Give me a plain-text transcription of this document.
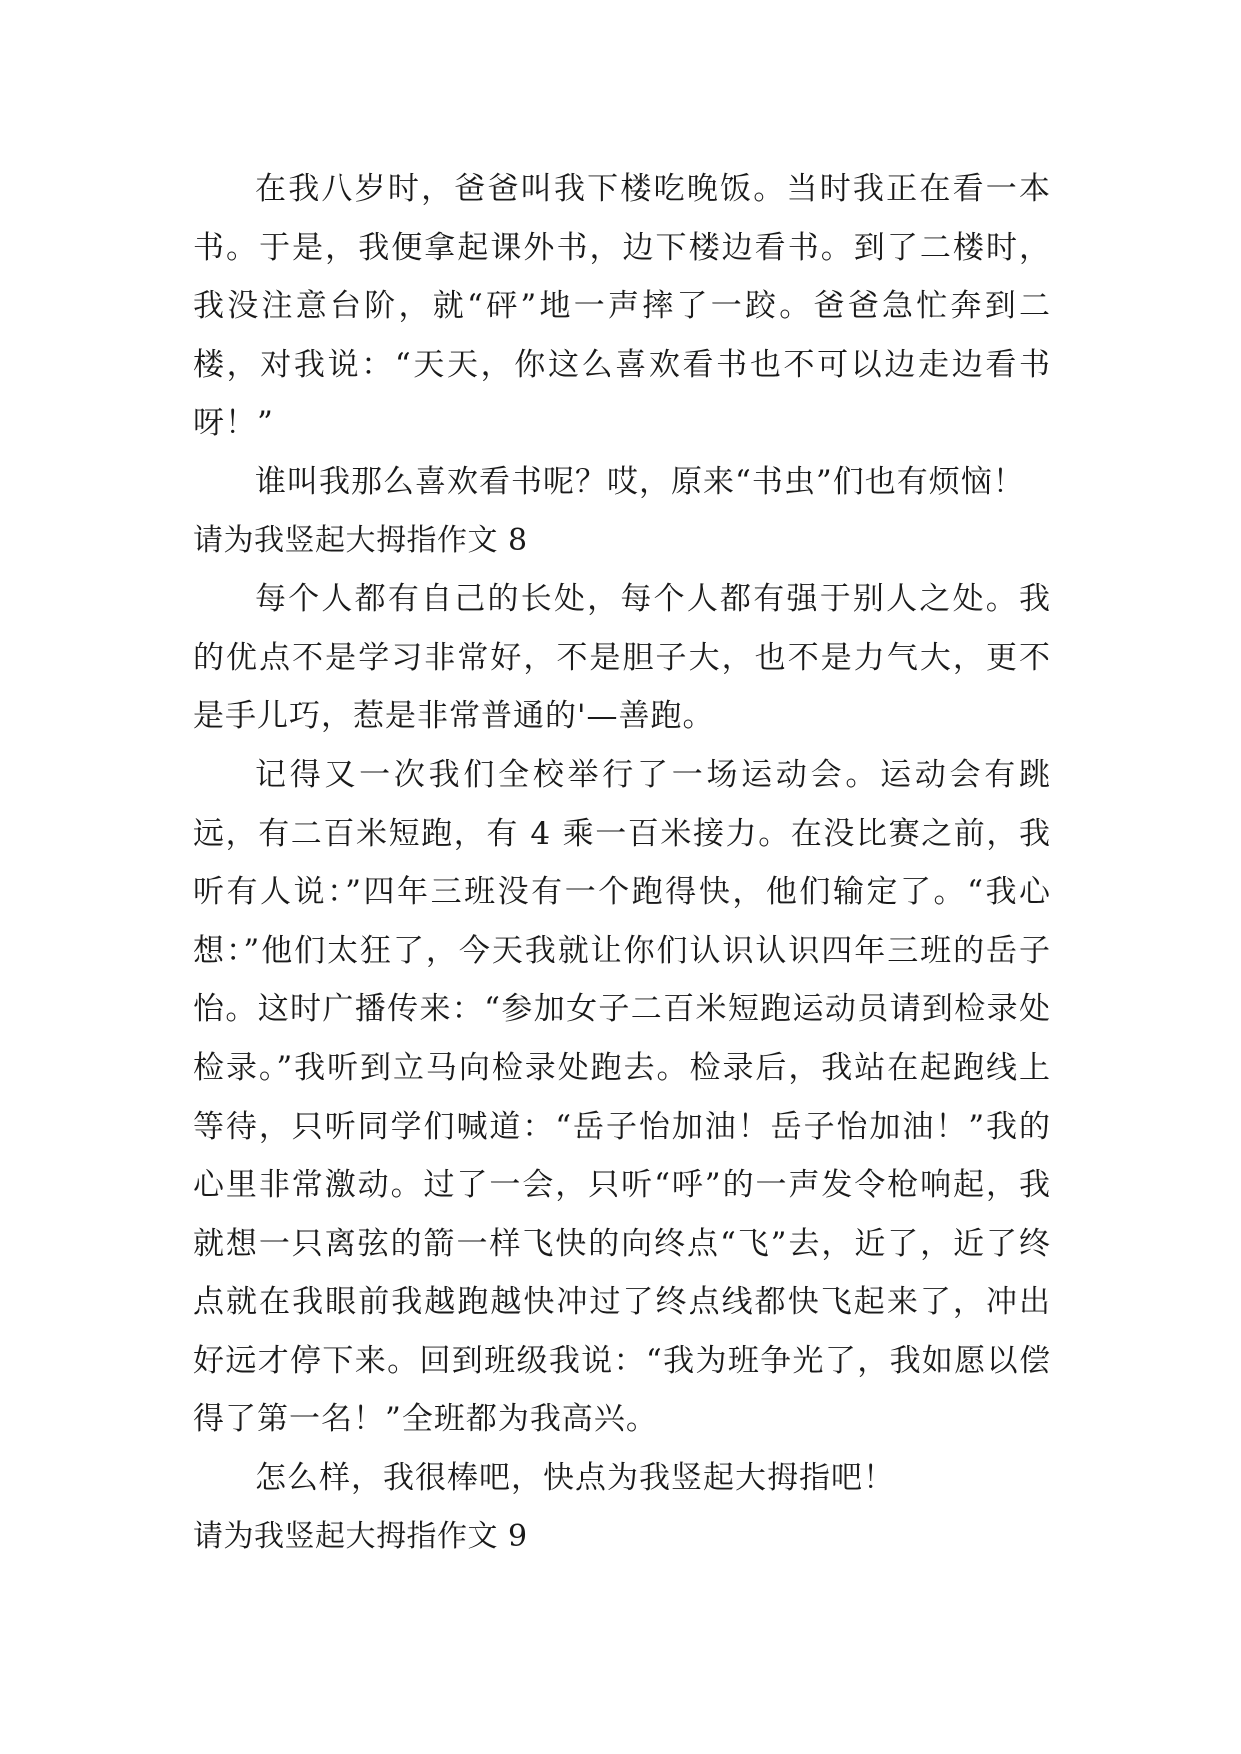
在我八岁时，爸爸叫我下楼吃晚饭。当时我正在看一本书。于是，我便拿起课外书，边下楼边看书。到了二楼时，我没注意台阶，就“砰”地一声摔了一跤。爸爸急忙奔到二楼，对我说：“天天，你这么喜欢看书也不可以边走边看书呀！”

谁叫我那么喜欢看书呢？哎，原来“书虫”们也有烦恼！

请为我竖起大拇指作文 8

每个人都有自己的长处，每个人都有强于别人之处。我的优点不是学习非常好，不是胆子大，也不是力气大，更不是手儿巧，惹是非常普通的'—善跑。

记得又一次我们全校举行了一场运动会。运动会有跳远，有二百米短跑，有 4 乘一百米接力。在没比赛之前，我听有人说：”四年三班没有一个跑得快，他们输定了。“我心想：”他们太狂了，今天我就让你们认识认识四年三班的岳子怡。这时广播传来：“参加女子二百米短跑运动员请到检录处检录。”我听到立马向检录处跑去。检录后，我站在起跑线上等待，只听同学们喊道：“岳子怡加油！岳子怡加油！”我的心里非常激动。过了一会，只听“呼”的一声发令枪响起，我就想一只离弦的箭一样飞快的向终点“飞”去，近了，近了终点就在我眼前我越跑越快冲过了终点线都快飞起来了，冲出好远才停下来。回到班级我说：“我为班争光了，我如愿以偿得了第一名！”全班都为我高兴。

怎么样，我很棒吧，快点为我竖起大拇指吧！

请为我竖起大拇指作文 9
